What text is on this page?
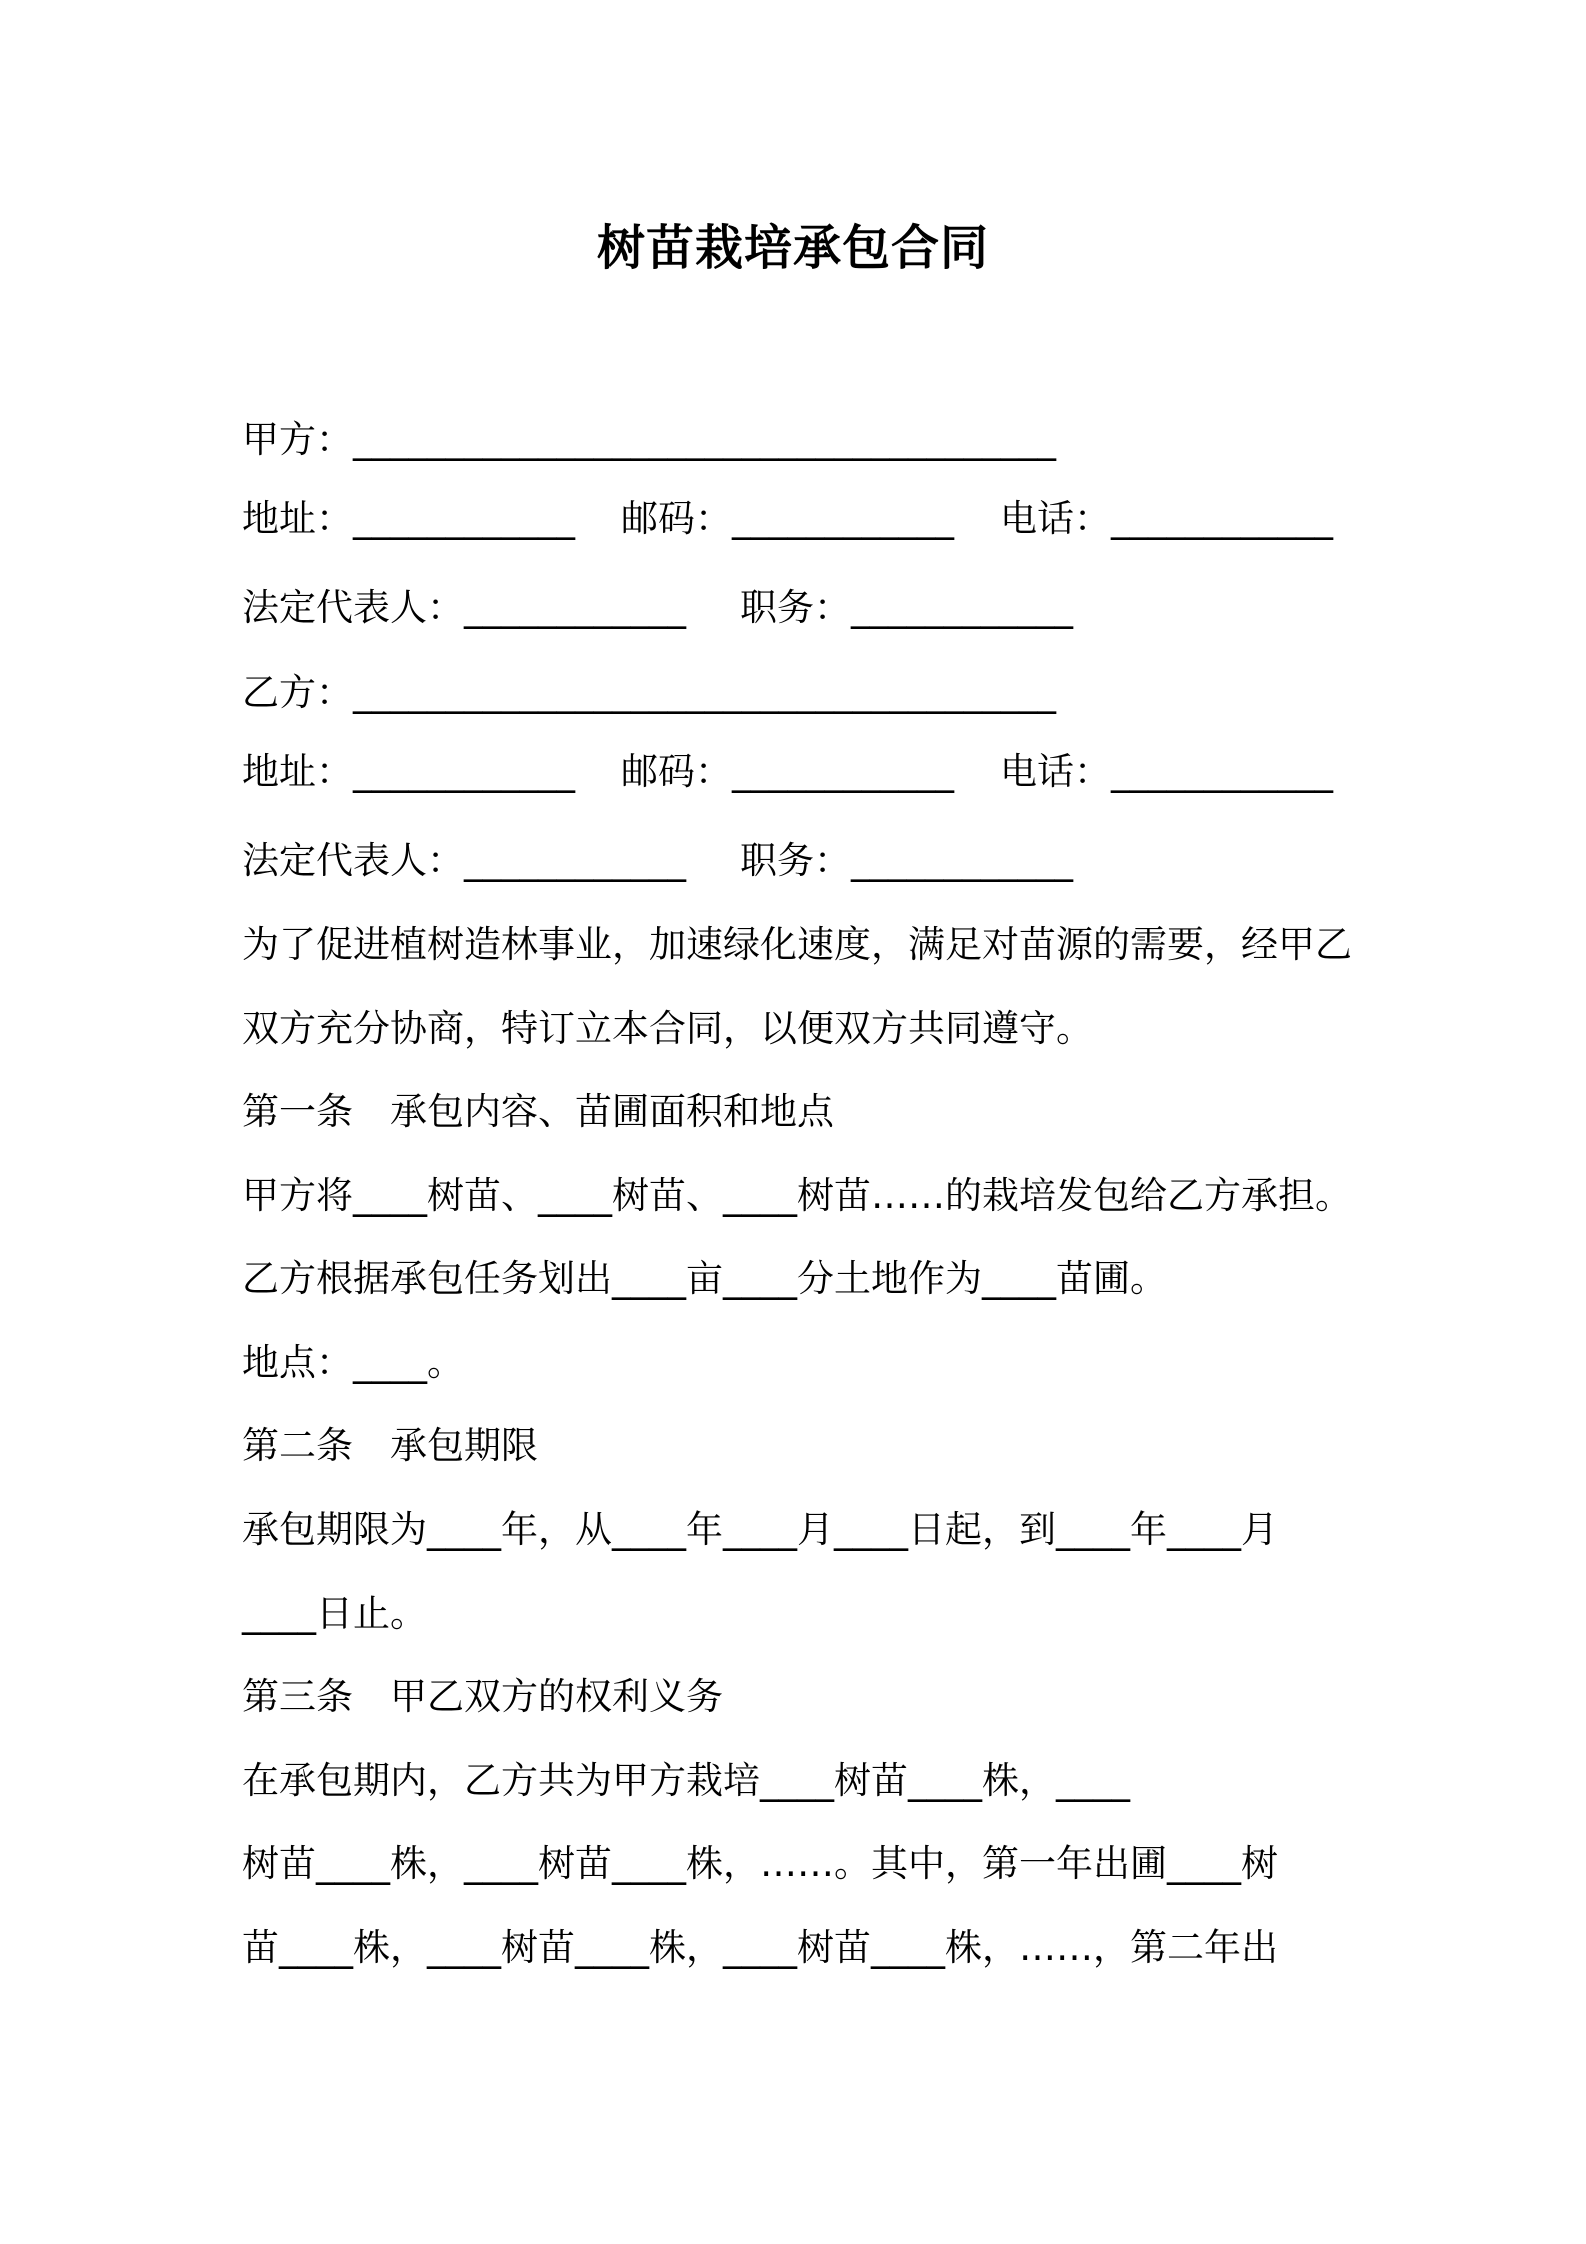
树苗栽培承包合同
甲方：______________________________________
地址：____________ 邮码：____________ 电话：____________
法定代表人：____________ 职务：____________
乙方：______________________________________
地址：____________ 邮码：____________ 电话：____________
法定代表人：____________ 职务：____________
为了促进植树造林事业，加速绿化速度，满足对苗源的需要，经甲乙
双方充分协商，特订立本合同，以便双方共同遵守。
第一条　承包内容、苗圃面积和地点
甲方将____树苗、____树苗、____树苗……的栽培发包给乙方承担。
乙方根据承包任务划出____亩____分土地作为____苗圃。
地点：____。
第二条　承包期限
承包期限为____年，从____年____月____日起，到____年____月
____日止。
第三条　甲乙双方的权利义务
在承包期内，乙方共为甲方栽培____树苗____株，____
树苗____株，____树苗____株，……。其中，第一年出圃____树
苗____株，____树苗____株，____树苗____株，……，第二年出
